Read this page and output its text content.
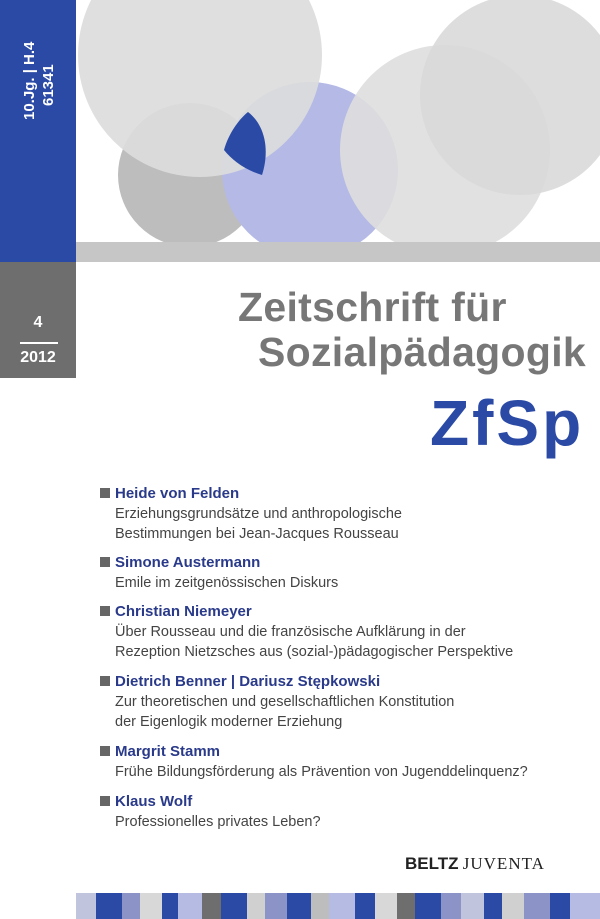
10.Jg. | H.4 61341
4
2012
Zeitschrift für
Sozialpädagogik
ZfSp
Heide von Felden
Erziehungsgrundsätze und anthropologische
Bestimmungen bei Jean-Jacques Rousseau
Simone Austermann
Emile im zeitgenössischen Diskurs
Christian Niemeyer
Über Rousseau und die französische Aufklärung in der
Rezeption Nietzsches aus (sozial-)pädagogischer Perspektive
Dietrich Benner | Dariusz Stępkowski
Zur theoretischen und gesellschaftlichen Konstitution
der Eigenlogik moderner Erziehung
Margrit Stamm
Frühe Bildungsförderung als Prävention von Jugenddelinquenz?
Klaus Wolf
Professionelles privates Leben?
BELTZ JUVENTA
